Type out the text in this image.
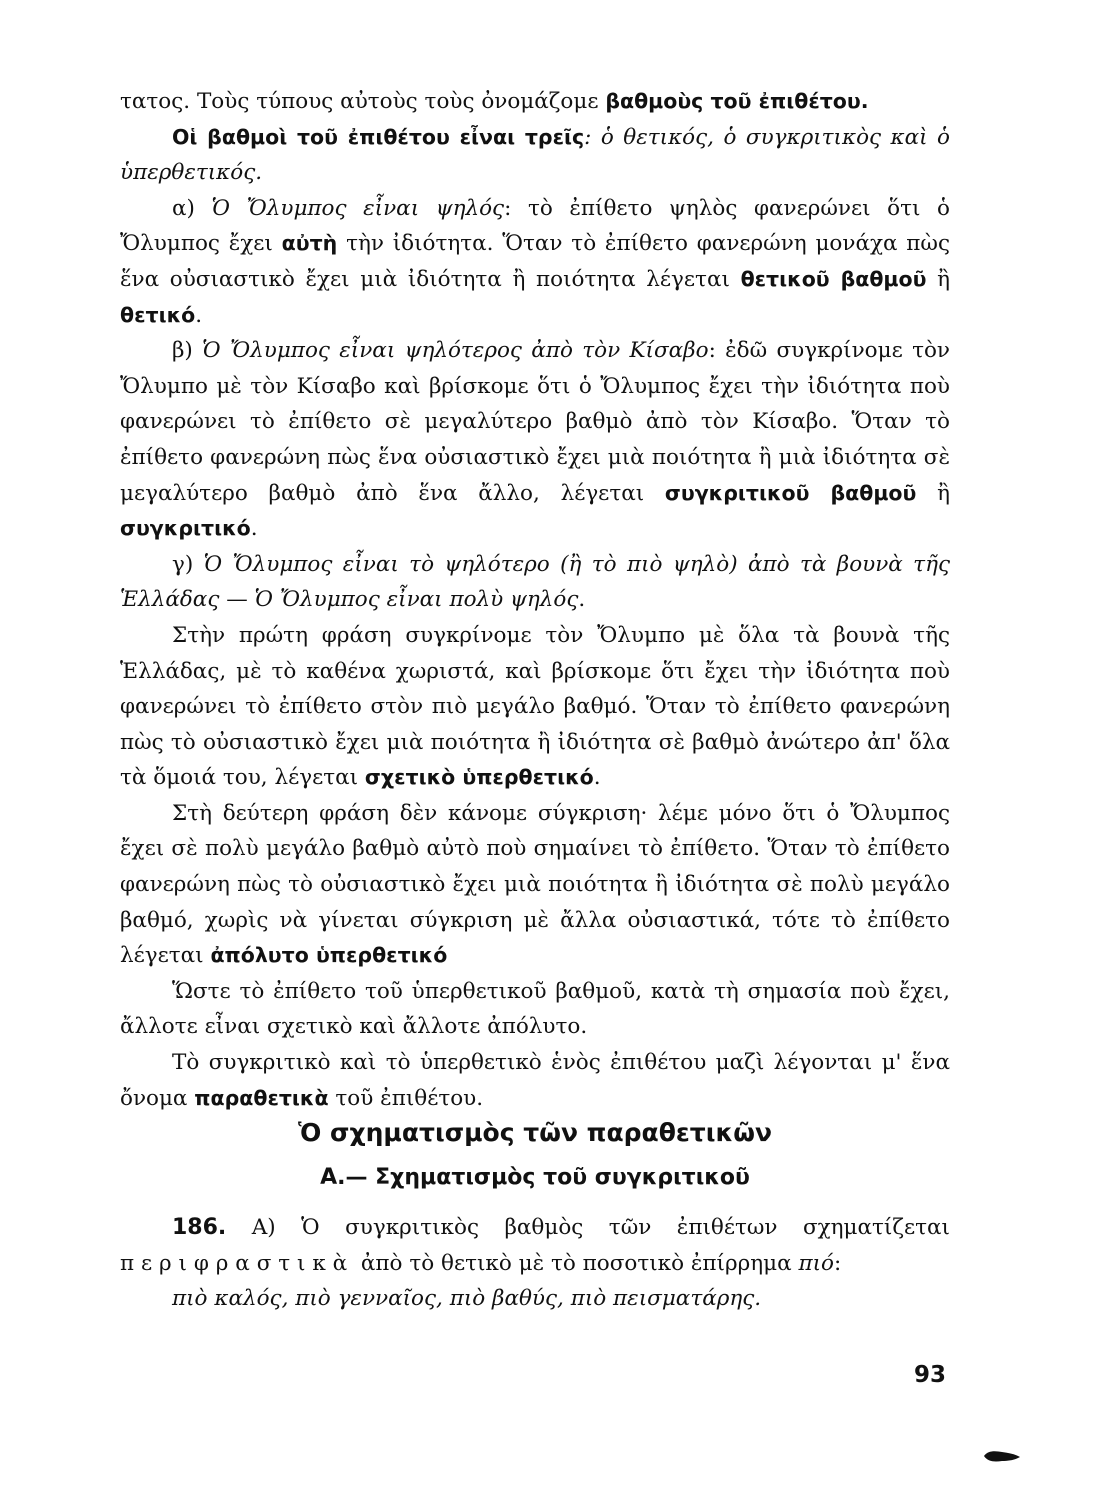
τατος. Τοὺς τύπους αὐτοὺς τοὺς ὀνομάζομε βαθμοὺς τοῦ ἐπιθέτου.

Οἱ βαθμοὶ τοῦ ἐπιθέτου εἶναι τρεῖς: ὁ θετικός, ὁ συγκριτικὸς καὶ ὁ ὑπερθετικός.

α) Ὁ Ὄλυμπος εἶναι ψηλός: τὸ ἐπίθετο ψηλὸς φανερώνει ὅτι ὁ Ὄλυμπος ἔχει αὐτὴ τὴν ἰδιότητα. Ὅταν τὸ ἐπίθετο φανερώνη μονάχα πὼς ἕνα οὐσιαστικὸ ἔχει μιὰ ἰδιότητα ἢ ποιότητα λέγεται θετικοῦ βαθμοῦ ἢ θετικό.

β) Ὁ Ὄλυμπος εἶναι ψηλότερος ἀπὸ τὸν Κίσαβο: ἐδῶ συγκρίνομε τὸν Ὄλυμπο μὲ τὸν Κίσαβο καὶ βρίσκομε ὅτι ὁ Ὄλυμπος ἔχει τὴν ἰδιότητα ποὺ φανερώνει τὸ ἐπίθετο σὲ μεγαλύτερο βαθμὸ ἀπὸ τὸν Κίσαβο. Ὅταν τὸ ἐπίθετο φανερώνη πὼς ἕνα οὐσιαστικὸ ἔχει μιὰ ποιότητα ἢ μιὰ ἰδιότητα σὲ μεγαλύτερο βαθμὸ ἀπὸ ἕνα ἄλλο, λέγεται συγκριτικοῦ βαθμοῦ ἢ συγκριτικό.

γ) Ὁ Ὄλυμπος εἶναι τὸ ψηλότερο (ἢ τὸ πιὸ ψηλὸ) ἀπὸ τὰ βουνὰ τῆς Ἑλλάδας — Ὁ Ὄλυμπος εἶναι πολὺ ψηλός.

Στὴν πρώτη φράση συγκρίνομε τὸν Ὄλυμπο μὲ ὅλα τὰ βουνὰ τῆς Ἑλλάδας, μὲ τὸ καθένα χωριστά, καὶ βρίσκομε ὅτι ἔχει τὴν ἰδιότητα ποὺ φανερώνει τὸ ἐπίθετο στὸν πιὸ μεγάλο βαθμό. Ὅταν τὸ ἐπίθετο φανερώνη πὼς τὸ οὐσιαστικὸ ἔχει μιὰ ποιότητα ἢ ἰδιότητα σὲ βαθμὸ ἀνώτερο ἀπ' ὅλα τὰ ὅμοιά του, λέγεται σχετικὸ ὑπερθετικό.

Στὴ δεύτερη φράση δὲν κάνομε σύγκριση· λέμε μόνο ὅτι ὁ Ὄλυμπος ἔχει σὲ πολὺ μεγάλο βαθμὸ αὐτὸ ποὺ σημαίνει τὸ ἐπίθετο. Ὅταν τὸ ἐπίθετο φανερώνη πὼς τὸ οὐσιαστικὸ ἔχει μιὰ ποιότητα ἢ ἰδιότητα σὲ πολὺ μεγάλο βαθμό, χωρὶς νὰ γίνεται σύγκριση μὲ ἄλλα οὐσιαστικά, τότε τὸ ἐπίθετο λέγεται ἀπόλυτο ὑπερθετικό

Ὥστε τὸ ἐπίθετο τοῦ ὑπερθετικοῦ βαθμοῦ, κατὰ τὴ σημασία ποὺ ἔχει, ἄλλοτε εἶναι σχετικὸ καὶ ἄλλοτε ἀπόλυτο.

Τὸ συγκριτικὸ καὶ τὸ ὑπερθετικὸ ἑνὸς ἐπιθέτου μαζὶ λέγονται μ' ἕνα ὄνομα παραθετικὰ τοῦ ἐπιθέτου.

Ὁ σχηματισμὸς τῶν παραθετικῶν
Α.— Σχηματισμὸς τοῦ συγκριτικοῦ

186. Α) Ὁ συγκριτικὸς βαθμὸς τῶν ἐπιθέτων σχηματίζεται περιφραστικὰ ἀπὸ τὸ θετικὸ μὲ τὸ ποσοτικὸ ἐπίρρημα πιό:

πιὸ καλός, πιὸ γενναῖος, πιὸ βαθύς, πιὸ πεισματάρης.

93
